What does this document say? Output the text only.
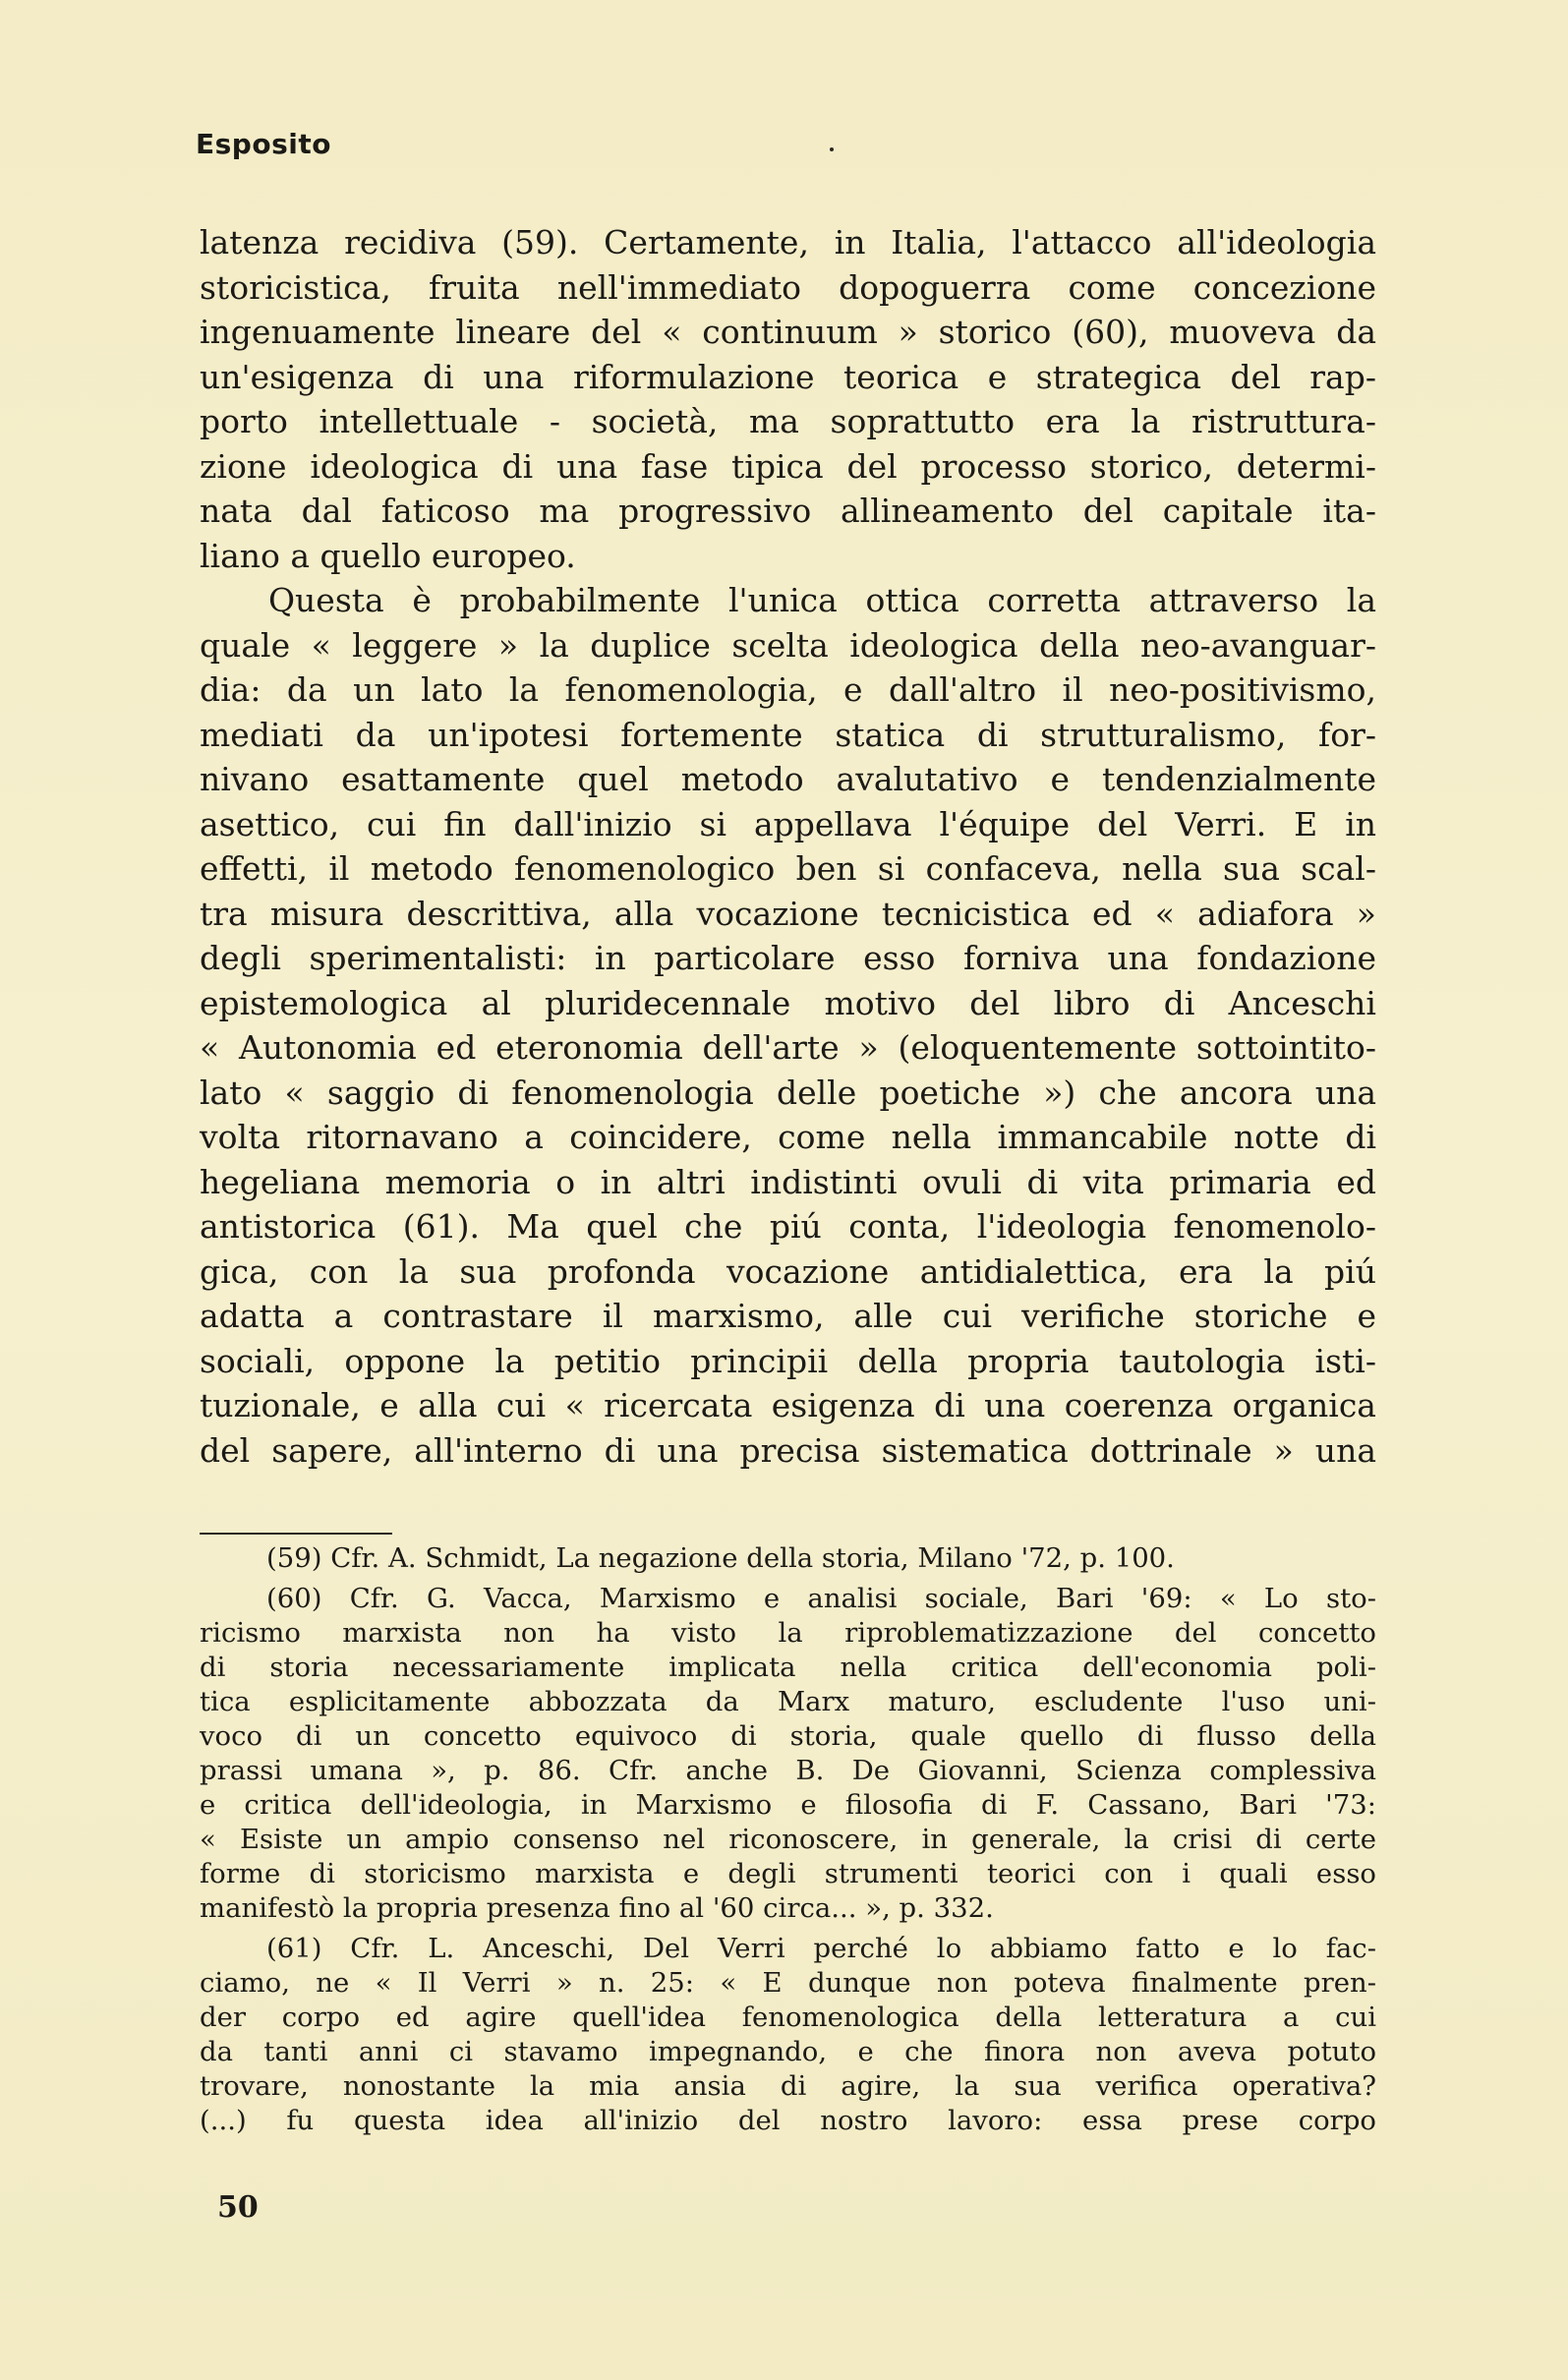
Esposito
latenza recidiva (59). Certamente, in Italia, l'attacco all'ideologia
storicistica, fruita nell'immediato dopoguerra come concezione
ingenuamente lineare del « continuum » storico (60), muoveva da
un'esigenza di una riformulazione teorica e strategica del rap-
porto intellettuale - società, ma soprattutto era la ristruttura-
zione ideologica di una fase tipica del processo storico, determi-
nata dal faticoso ma progressivo allineamento del capitale ita-
liano a quello europeo.
Questa è probabilmente l'unica ottica corretta attraverso la
quale « leggere » la duplice scelta ideologica della neo-avanguar-
dia: da un lato la fenomenologia, e dall'altro il neo-positivismo,
mediati da un'ipotesi fortemente statica di strutturalismo, for-
nivano esattamente quel metodo avalutativo e tendenzialmente
asettico, cui fin dall'inizio si appellava l'équipe del Verri. E in
effetti, il metodo fenomenologico ben si confaceva, nella sua scal-
tra misura descrittiva, alla vocazione tecnicistica ed « adiafora »
degli sperimentalisti: in particolare esso forniva una fondazione
epistemologica al pluridecennale motivo del libro di Anceschi
« Autonomia ed eteronomia dell'arte » (eloquentemente sottointito-
lato « saggio di fenomenologia delle poetiche ») che ancora una
volta ritornavano a coincidere, come nella immancabile notte di
hegeliana memoria o in altri indistinti ovuli di vita primaria ed
antistorica (61). Ma quel che piú conta, l'ideologia fenomenolo-
gica, con la sua profonda vocazione antidialettica, era la piú
adatta a contrastare il marxismo, alle cui verifiche storiche e
sociali, oppone la petitio principii della propria tautologia isti-
tuzionale, e alla cui « ricercata esigenza di una coerenza organica
del sapere, all'interno di una precisa sistematica dottrinale » una
(59) Cfr. A. Schmidt, La negazione della storia, Milano '72, p. 100.
(60) Cfr. G. Vacca, Marxismo e analisi sociale, Bari '69: « Lo sto-
ricismo marxista non ha visto la riproblematizzazione del concetto
di storia necessariamente implicata nella critica dell'economia poli-
tica esplicitamente abbozzata da Marx maturo, escludente l'uso uni-
voco di un concetto equivoco di storia, quale quello di flusso della
prassi umana », p. 86. Cfr. anche B. De Giovanni, Scienza complessiva
e critica dell'ideologia, in Marxismo e filosofia di F. Cassano, Bari '73:
« Esiste un ampio consenso nel riconoscere, in generale, la crisi di certe
forme di storicismo marxista e degli strumenti teorici con i quali esso
manifestò la propria presenza fino al '60 circa... », p. 332.
(61) Cfr. L. Anceschi, Del Verri perché lo abbiamo fatto e lo fac-
ciamo, ne « Il Verri » n. 25: « E dunque non poteva finalmente pren-
der corpo ed agire quell'idea fenomenologica della letteratura a cui
da tanti anni ci stavamo impegnando, e che finora non aveva potuto
trovare, nonostante la mia ansia di agire, la sua verifica operativa?
(...) fu questa idea all'inizio del nostro lavoro: essa prese corpo
50
